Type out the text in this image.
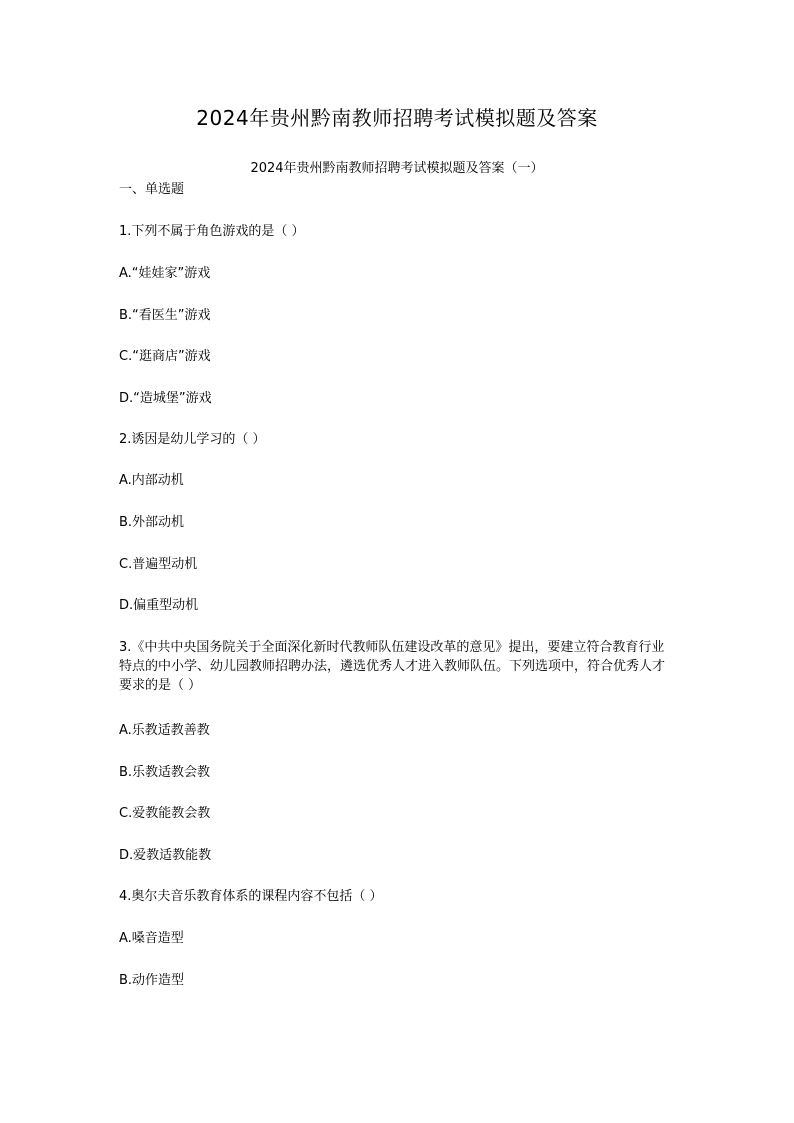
2024年贵州黔南教师招聘考试模拟题及答案
2024年贵州黔南教师招聘考试模拟题及答案（一）
一、单选题
1.下列不属于角色游戏的是（ ）
A.“娃娃家”游戏
B.“看医生”游戏
C.“逛商店”游戏
D.“造城堡”游戏
2.诱因是幼儿学习的（ ）
A.内部动机
B.外部动机
C.普遍型动机
D.偏重型动机
3.《中共中央国务院关于全面深化新时代教师队伍建设改革的意见》提出，要建立符合教育行业特点的中小学、幼儿园教师招聘办法，遴选优秀人才进入教师队伍。下列选项中，符合优秀人才要求的是（ ）
A.乐教适教善教
B.乐教适教会教
C.爱教能教会教
D.爱教适教能教
4.奥尔夫音乐教育体系的课程内容不包括（ ）
A.嗓音造型
B.动作造型
